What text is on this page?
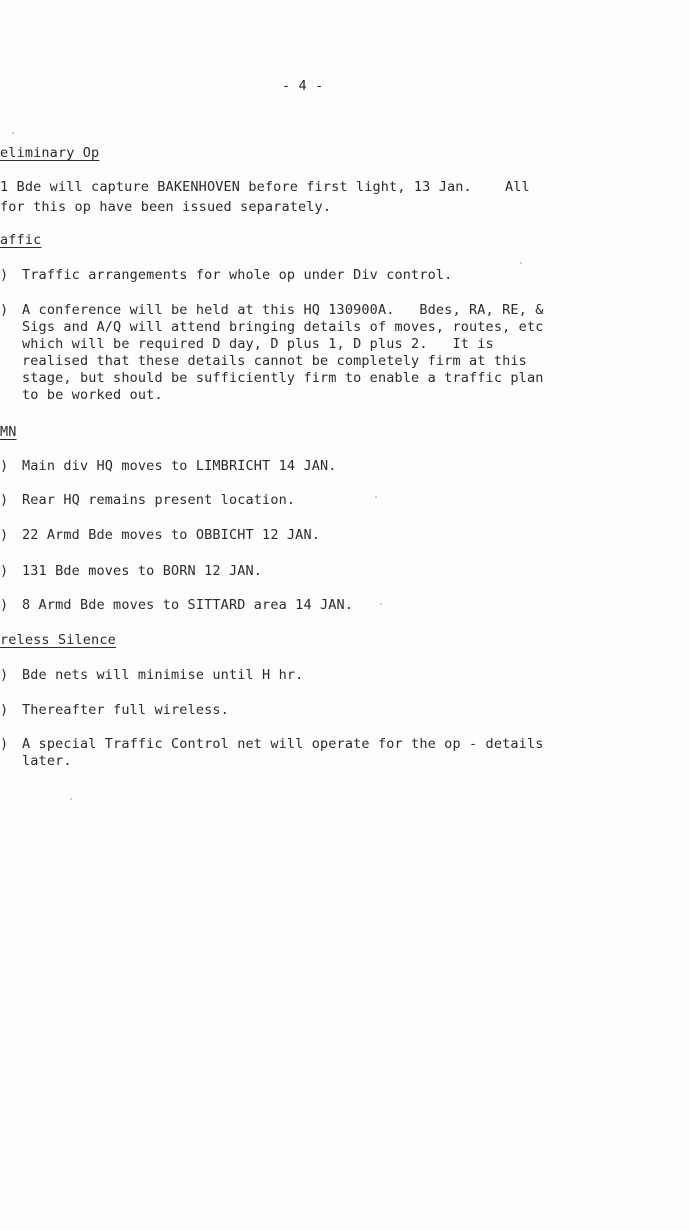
- 4 -
eliminary Op
1 Bde will capture BAKENHOVEN before first light, 13 Jan.    All
for this op have been issued separately.
affic
) Traffic arrangements for whole op under Div control.
) A conference will be held at this HQ 130900A.   Bdes, RA, RE, &
Sigs and A/Q will attend bringing details of moves, routes, etc
which will be required D day, D plus 1, D plus 2.   It is
realised that these details cannot be completely firm at this
stage, but should be sufficiently firm to enable a traffic plan
to be worked out.
MN
) Main div HQ moves to LIMBRICHT 14 JAN.
) Rear HQ remains present location.
) 22 Armd Bde moves to OBBICHT 12 JAN.
) 131 Bde moves to BORN 12 JAN.
) 8 Armd Bde moves to SITTARD area 14 JAN.
reless Silence
) Bde nets will minimise until H hr.
) Thereafter full wireless.
) A special Traffic Control net will operate for the op - details
later.
